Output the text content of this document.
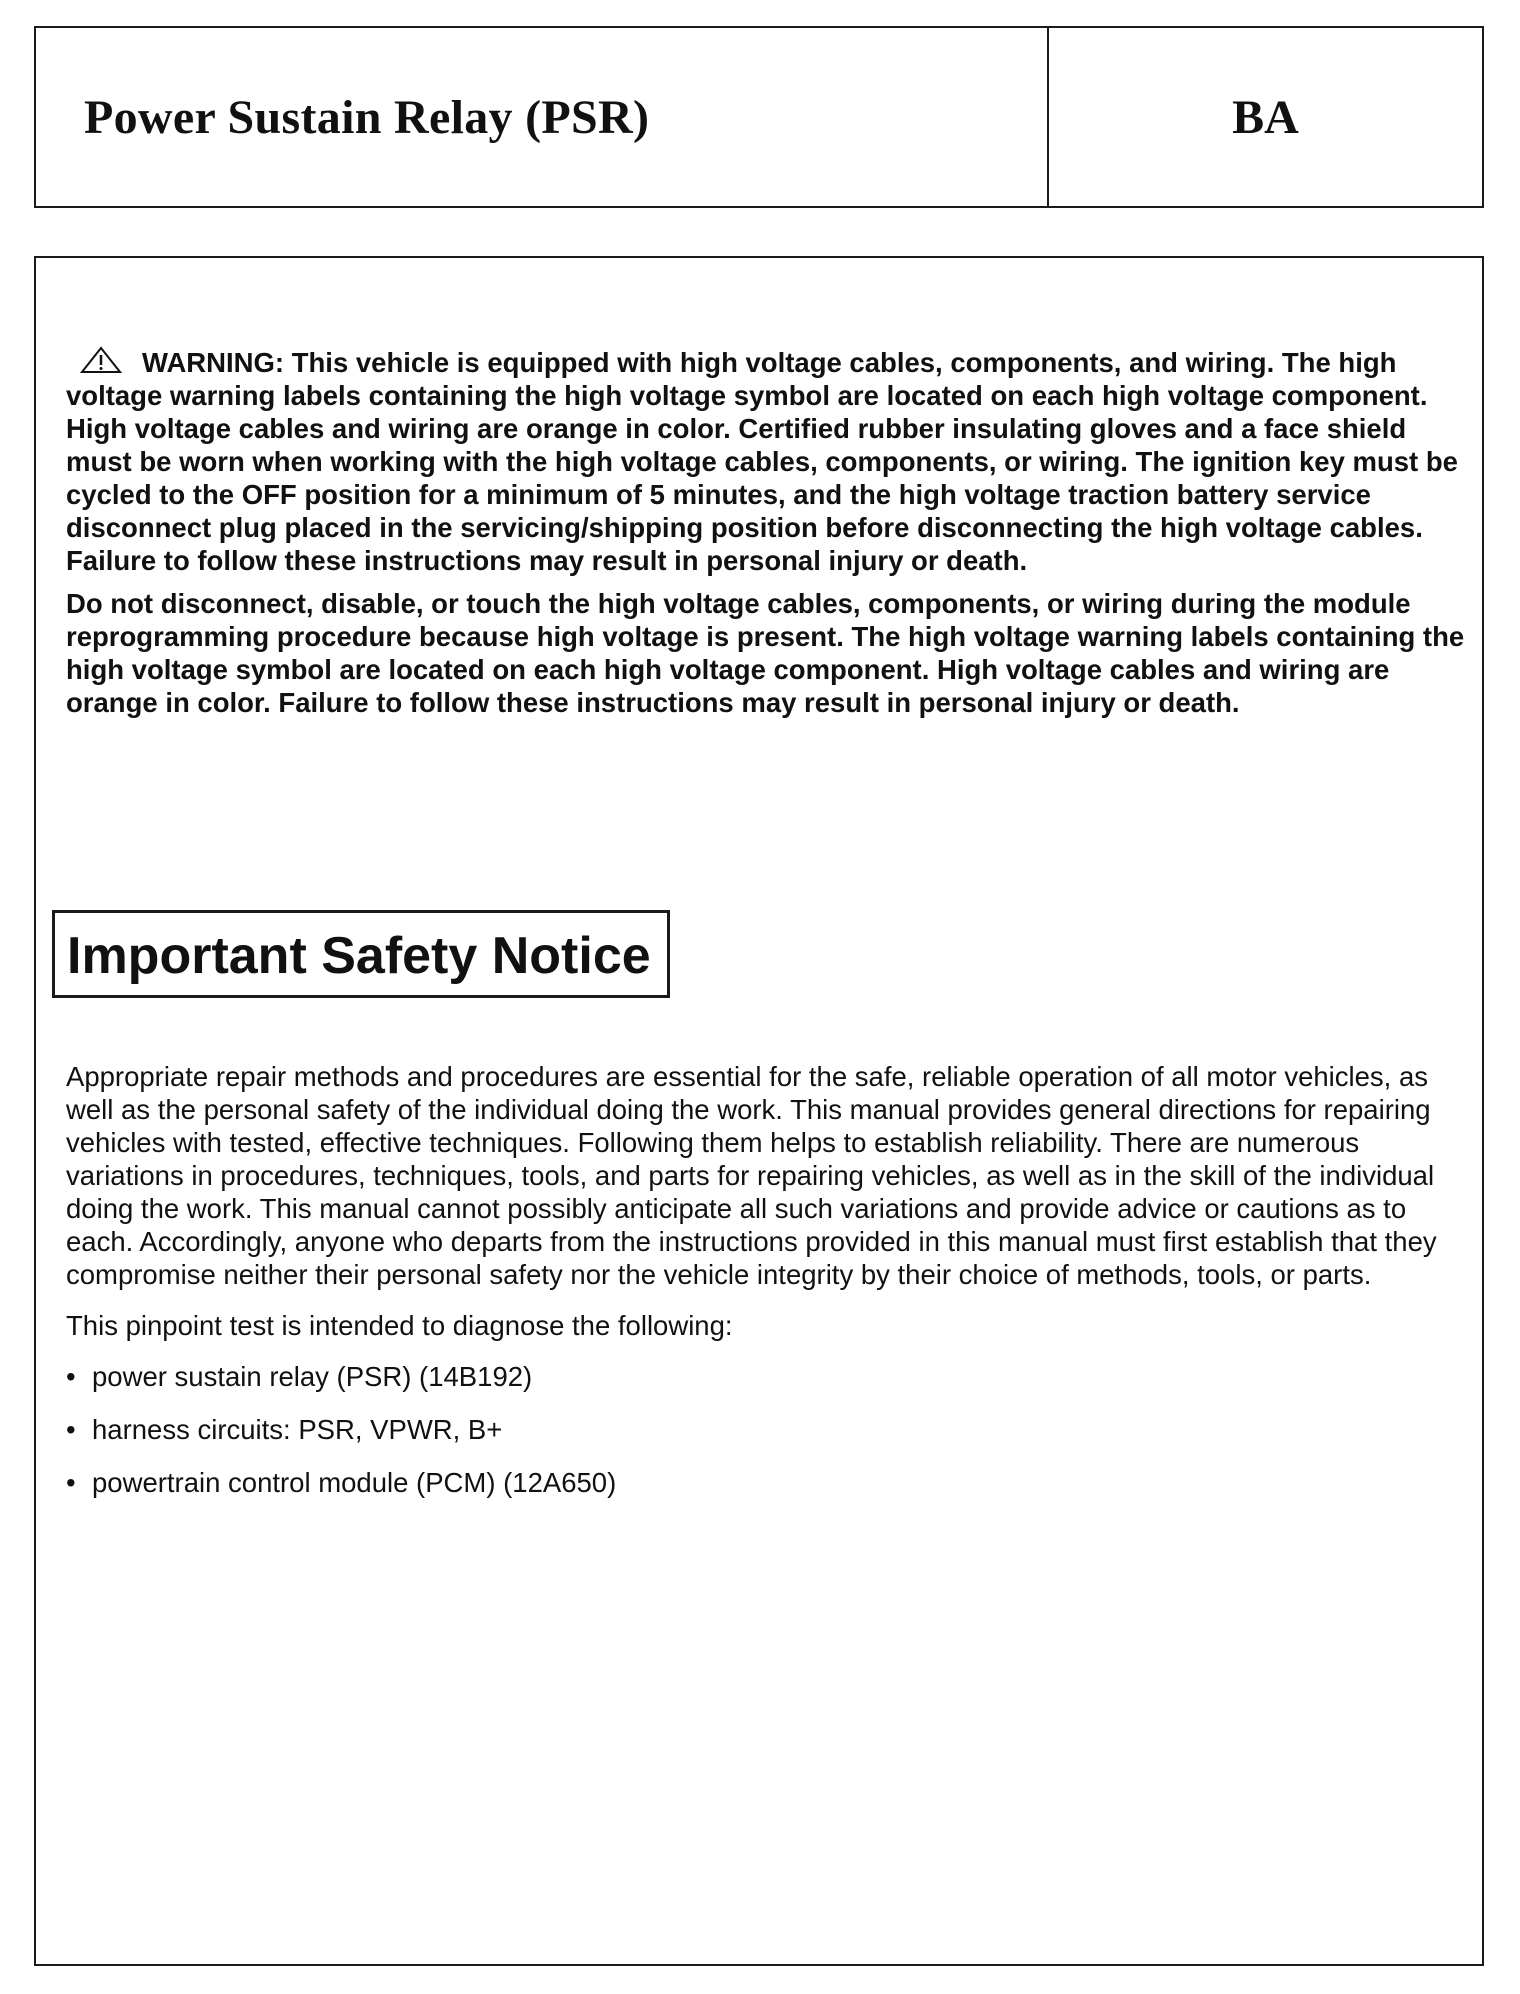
Power Sustain Relay (PSR)	BA

WARNING: This vehicle is equipped with high voltage cables, components, and wiring. The high voltage warning labels containing the high voltage symbol are located on each high voltage component. High voltage cables and wiring are orange in color. Certified rubber insulating gloves and a face shield must be worn when working with the high voltage cables, components, or wiring. The ignition key must be cycled to the OFF position for a minimum of 5 minutes, and the high voltage traction battery service disconnect plug placed in the servicing/shipping position before disconnecting the high voltage cables. Failure to follow these instructions may result in personal injury or death.

Do not disconnect, disable, or touch the high voltage cables, components, or wiring during the module reprogramming procedure because high voltage is present. The high voltage warning labels containing the high voltage symbol are located on each high voltage component. High voltage cables and wiring are orange in color. Failure to follow these instructions may result in personal injury or death.

Important Safety Notice

Appropriate repair methods and procedures are essential for the safe, reliable operation of all motor vehicles, as well as the personal safety of the individual doing the work. This manual provides general directions for repairing vehicles with tested, effective techniques. Following them helps to establish reliability. There are numerous variations in procedures, techniques, tools, and parts for repairing vehicles, as well as in the skill of the individual doing the work. This manual cannot possibly anticipate all such variations and provide advice or cautions as to each. Accordingly, anyone who departs from the instructions provided in this manual must first establish that they compromise neither their personal safety nor the vehicle integrity by their choice of methods, tools, or parts.

This pinpoint test is intended to diagnose the following:

• power sustain relay (PSR) (14B192)
• harness circuits: PSR, VPWR, B+
• powertrain control module (PCM) (12A650)
